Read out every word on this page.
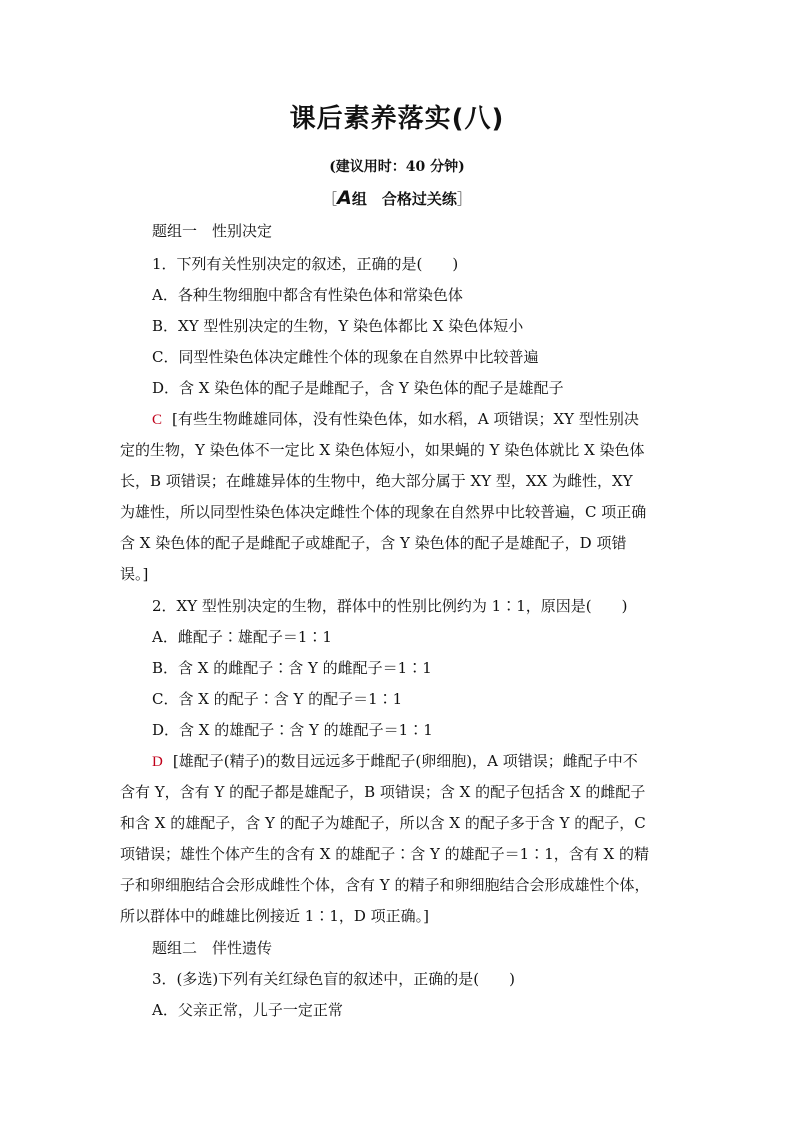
课后素养落实(八)
(建议用时：40 分钟)
［A组　合格过关练］
题组一　性别决定
1．下列有关性别决定的叙述，正确的是(　　)
A．各种生物细胞中都含有性染色体和常染色体
B．XY 型性别决定的生物，Y 染色体都比 X 染色体短小
C．同型性染色体决定雌性个体的现象在自然界中比较普遍
D．含 X 染色体的配子是雌配子，含 Y 染色体的配子是雄配子
C [有些生物雌雄同体，没有性染色体，如水稻，A 项错误；XY 型性别决
定的生物，Y 染色体不一定比 X 染色体短小，如果蝇的 Y 染色体就比 X 染色体
长，B 项错误；在雌雄异体的生物中，绝大部分属于 XY 型，XX 为雌性，XY
为雄性，所以同型性染色体决定雌性个体的现象在自然界中比较普遍，C 项正确
含 X 染色体的配子是雌配子或雄配子，含 Y 染色体的配子是雄配子，D 项错
误。]
2．XY 型性别决定的生物，群体中的性别比例约为 1∶1，原因是(　　)
A．雌配子∶雄配子＝1∶1
B．含 X 的雌配子∶含 Y 的雌配子＝1∶1
C．含 X 的配子∶含 Y 的配子＝1∶1
D．含 X 的雄配子∶含 Y 的雄配子＝1∶1
D [雄配子(精子)的数目远远多于雌配子(卵细胞)，A 项错误；雌配子中不
含有 Y，含有 Y 的配子都是雄配子，B 项错误；含 X 的配子包括含 X 的雌配子
和含 X 的雄配子，含 Y 的配子为雄配子，所以含 X 的配子多于含 Y 的配子，C
项错误；雄性个体产生的含有 X 的雄配子∶含 Y 的雄配子＝1∶1，含有 X 的精
子和卵细胞结合会形成雌性个体，含有 Y 的精子和卵细胞结合会形成雄性个体，
所以群体中的雌雄比例接近 1∶1，D 项正确。]
题组二　伴性遗传
3．(多选)下列有关红绿色盲的叙述中，正确的是(　　)
A．父亲正常，儿子一定正常
